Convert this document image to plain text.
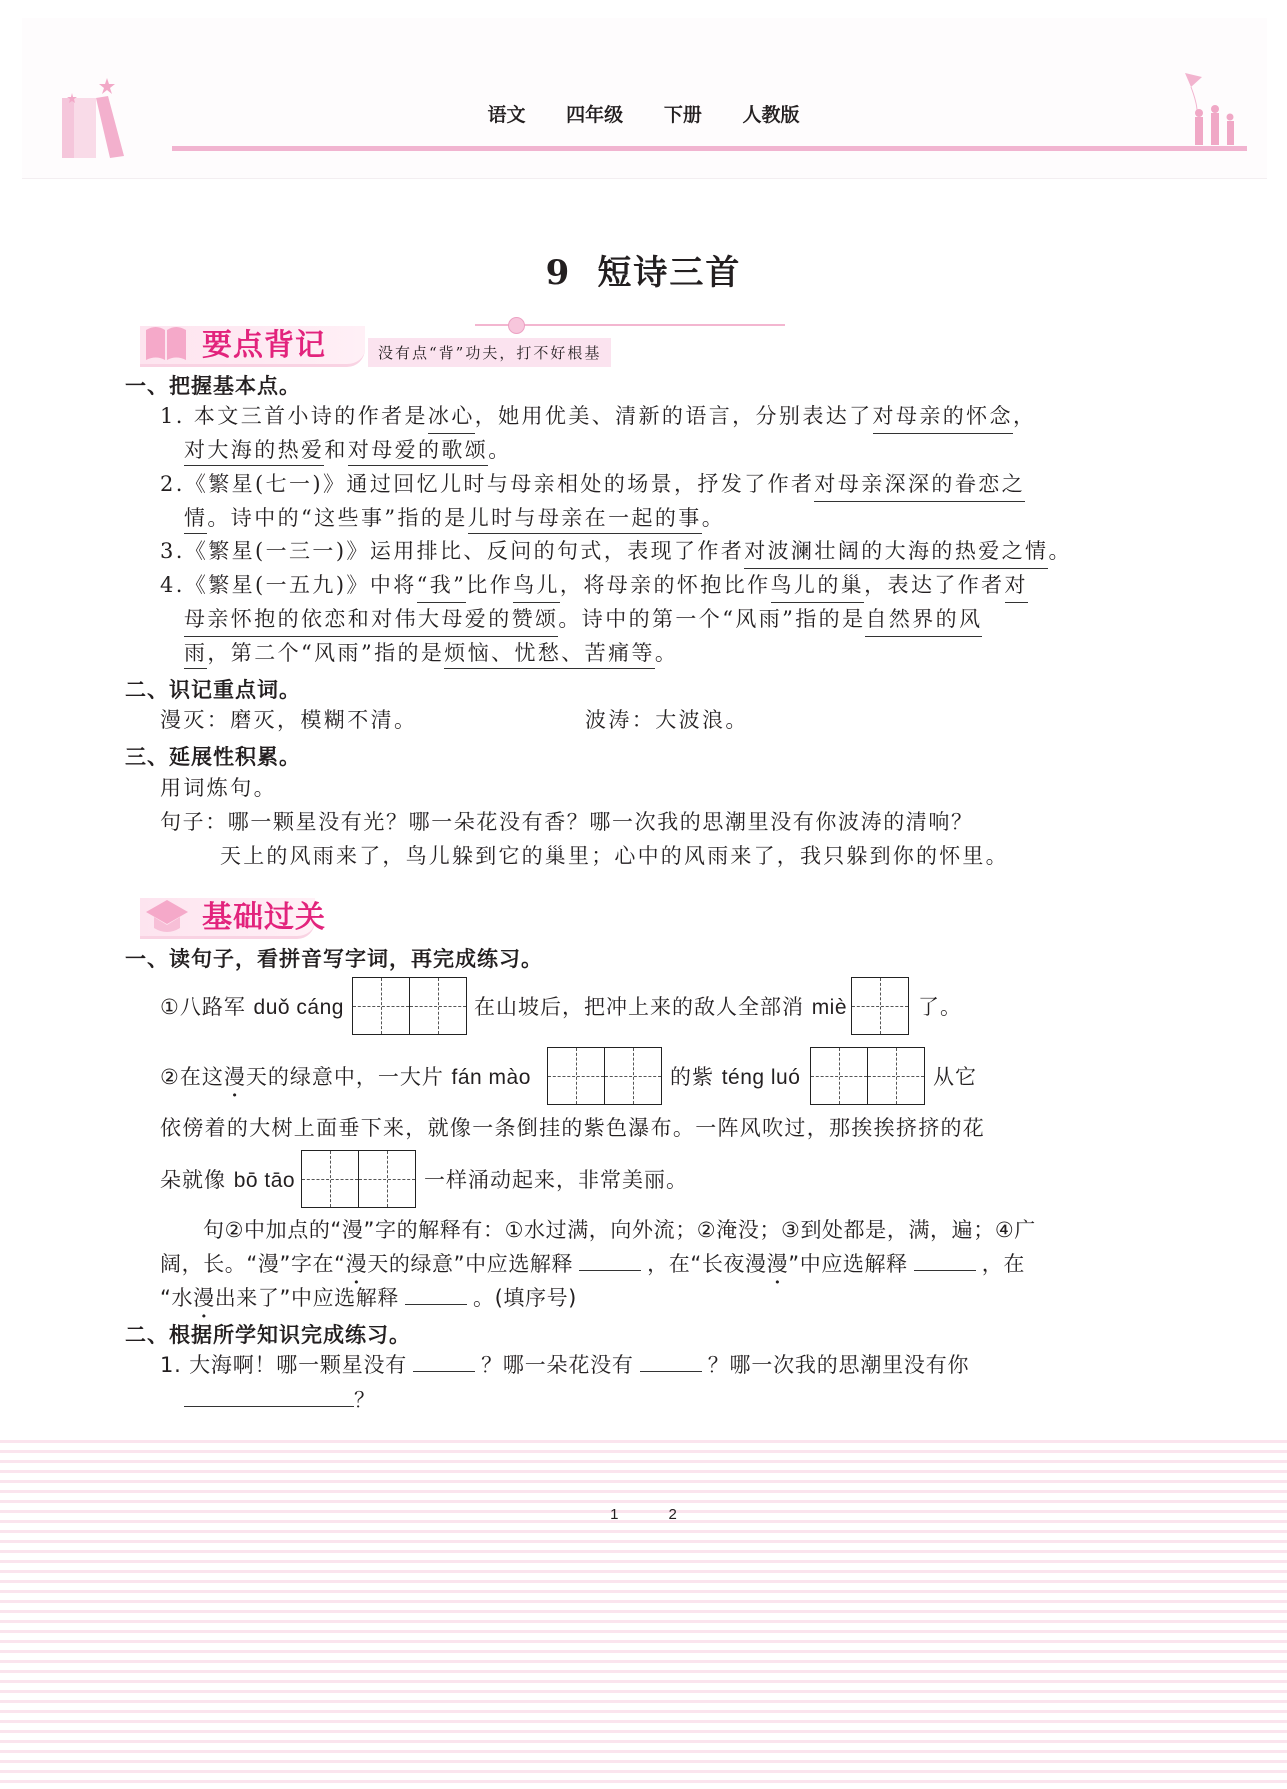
语文 四年级 下册 人教版
9 短诗三首
要点背记	没有点“背”功夫，打不好根基
一、把握基本点。
1. 本文三首小诗的作者是 冰心 ，她用优美、清新的语言，分别表达了 对母亲的怀念 ，
对大海的热爱和对母爱的歌颂。
2.《繁星(七一)》通过回忆儿时与母亲相处的场景，抒发了作者 对母亲深深的眷恋之
情。诗中的“这些事”指的是儿时与母亲在一起的事。
3.《繁星(一三一)》运用排比、反问的句式，表现了作者 对波澜壮阔的大海的热爱之情 。
4.《繁星(一五九)》中将 “我” 比作 鸟儿 ，将母亲的怀抱比作 鸟儿的巢 ，表达了作者 对
母亲怀抱的依恋和对伟大母爱的赞颂 。诗中的第一个“风雨”指的是 自然界的风
雨，第二个“风雨”指的是烦恼、忧愁、苦痛等。
二、识记重点词。
漫灭：磨灭，模糊不清。	波涛：大波浪。
三、延展性积累。
用词炼句。
句子：哪一颗星没有光？哪一朵花没有香？哪一次我的思潮里没有你波涛的清响？
天上的风雨来了，鸟儿躲到它的巢里；心中的风雨来了，我只躲到你的怀里。
基础过关
一、读句子，看拼音写字词，再完成练习。
①八路军 duǒ cáng	在山坡后，把冲上来的敌人全部消 miè	了。
②在这漫天的绿意中，一大片 fán mào	的紫 téng luó	从它
依傍着的大树上面垂下来，就像一条倒挂的紫色瀑布。一阵风吹过，那挨挨挤挤的花
朵就像 bō tāo	一样涌动起来，非常美丽。
句②中加点的“漫”字的解释有：①水过满，向外流；②淹没；③到处都是，满，遍；④广
阔，长。“漫”字在“漫天的绿意”中应选解释	，在“长夜漫漫”中应选解释	，在
“水漫出来了”中应选解释	。(填序号)
二、根据所学知识完成练习。
1. 大海啊！哪一颗星没有	？哪一朵花没有	？哪一次我的思潮里没有你
？
12
